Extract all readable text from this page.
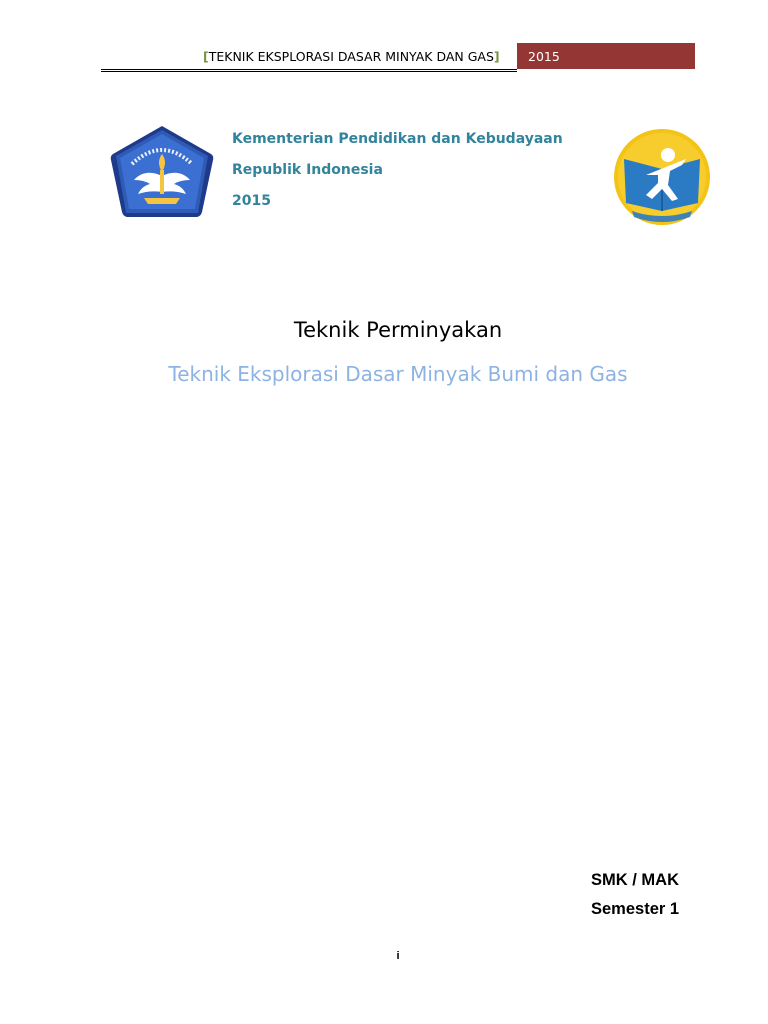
[TEKNIK EKSPLORASI DASAR MINYAK DAN GAS] 2015
Kementerian Pendidikan dan Kebudayaan
Republik Indonesia
2015
Teknik Perminyakan
Teknik Eksplorasi Dasar Minyak Bumi dan Gas
SMK / MAK
Semester 1
i
